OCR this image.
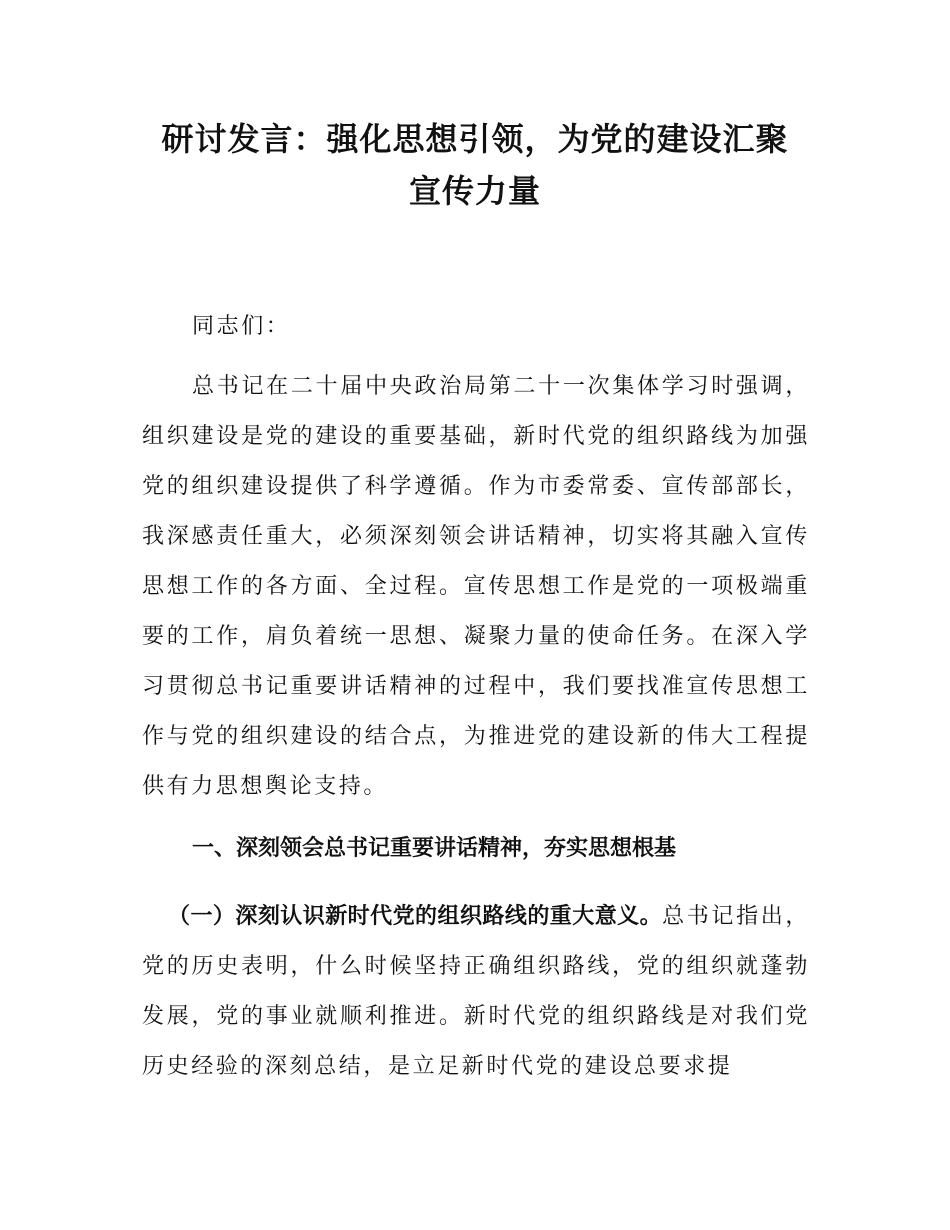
研讨发言：强化思想引领，为党的建设汇聚
宣传力量

同志们：

总书记在二十届中央政治局第二十一次集体学习时强调，组织建设是党的建设的重要基础，新时代党的组织路线为加强党的组织建设提供了科学遵循。作为市委常委、宣传部部长，我深感责任重大，必须深刻领会讲话精神，切实将其融入宣传思想工作的各方面、全过程。宣传思想工作是党的一项极端重要的工作，肩负着统一思想、凝聚力量的使命任务。在深入学习贯彻总书记重要讲话精神的过程中，我们要找准宣传思想工作与党的组织建设的结合点，为推进党的建设新的伟大工程提供有力思想舆论支持。

一、深刻领会总书记重要讲话精神，夯实思想根基

（一）深刻认识新时代党的组织路线的重大意义。总书记指出，党的历史表明，什么时候坚持正确组织路线，党的组织就蓬勃发展，党的事业就顺利推进。新时代党的组织路线是对我们党历史经验的深刻总结，是立足新时代党的建设总要求提
